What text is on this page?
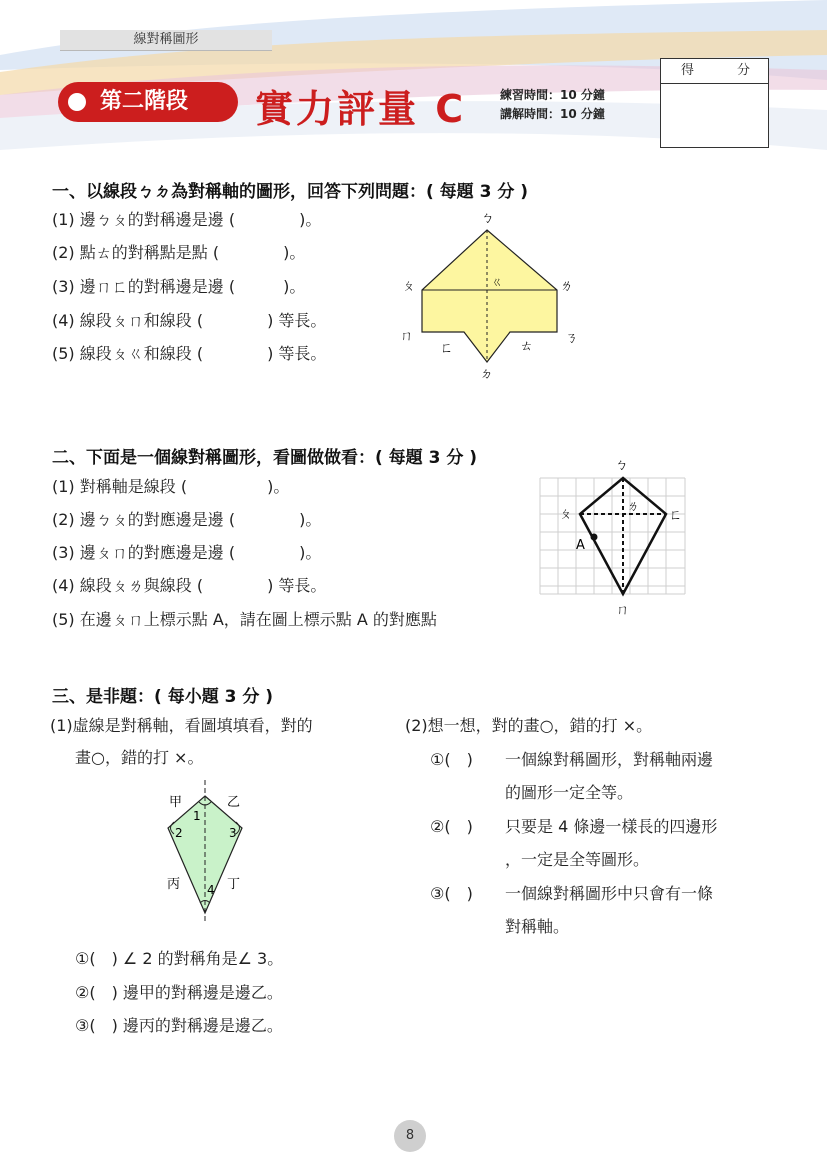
線對稱圖形
第二階段 實力評量 C	練習時間：10 分鐘
講解時間：10 分鐘
得	分
一、以線段ㄅㄉ為對稱軸的圖形，回答下列問題：( 每題 3 分 )
(1) 邊ㄅㄆ的對稱邊是邊 (　　　　)。
(2) 點ㄊ的對稱點是點 (　　　　)。
(3) 邊ㄇㄈ的對稱邊是邊 (　　　)。
(4) 線段ㄆㄇ和線段 (　　　　) 等長。
(5) 線段ㄆㄍ和線段 (　　　　) 等長。
ㄅ
ㄆ	ㄌ
ㄍ
ㄇ
ㄈ
ㄉ
ㄊ
ㄋ
二、下面是一個線對稱圖形，看圖做做看：( 每題 3 分 )
(1) 對稱軸是線段 (　　　　　)。
(2) 邊ㄅㄆ的對應邊是邊 (　　　　)。
(3) 邊ㄆㄇ的對應邊是邊 (　　　　)。
(4) 線段ㄆㄌ與線段 (　　　　) 等長。
(5) 在邊ㄆㄇ上標示點 A，請在圖上標示點 A 的對應點
ㄅ
ㄆ	ㄈ
ㄌ
A
ㄇ
三、是非題：( 每小題 3 分 )
(1)虛線是對稱軸，看圖填填看，對的
畫○，錯的打 ×。
甲	乙
丙	丁
1
2	3
4
①(　) ∠ 2 的對稱角是∠ 3。
②(　) 邊甲的對稱邊是邊乙。
③(　) 邊丙的對稱邊是邊乙。
(2)想一想，對的畫○，錯的打 ×。
①(　) 一個線對稱圖形，對稱軸兩邊
的圖形一定全等。
②(　) 只要是 4 條邊一樣長的四邊形
，一定是全等圖形。
③(　) 一個線對稱圖形中只會有一條
對稱軸。
8
